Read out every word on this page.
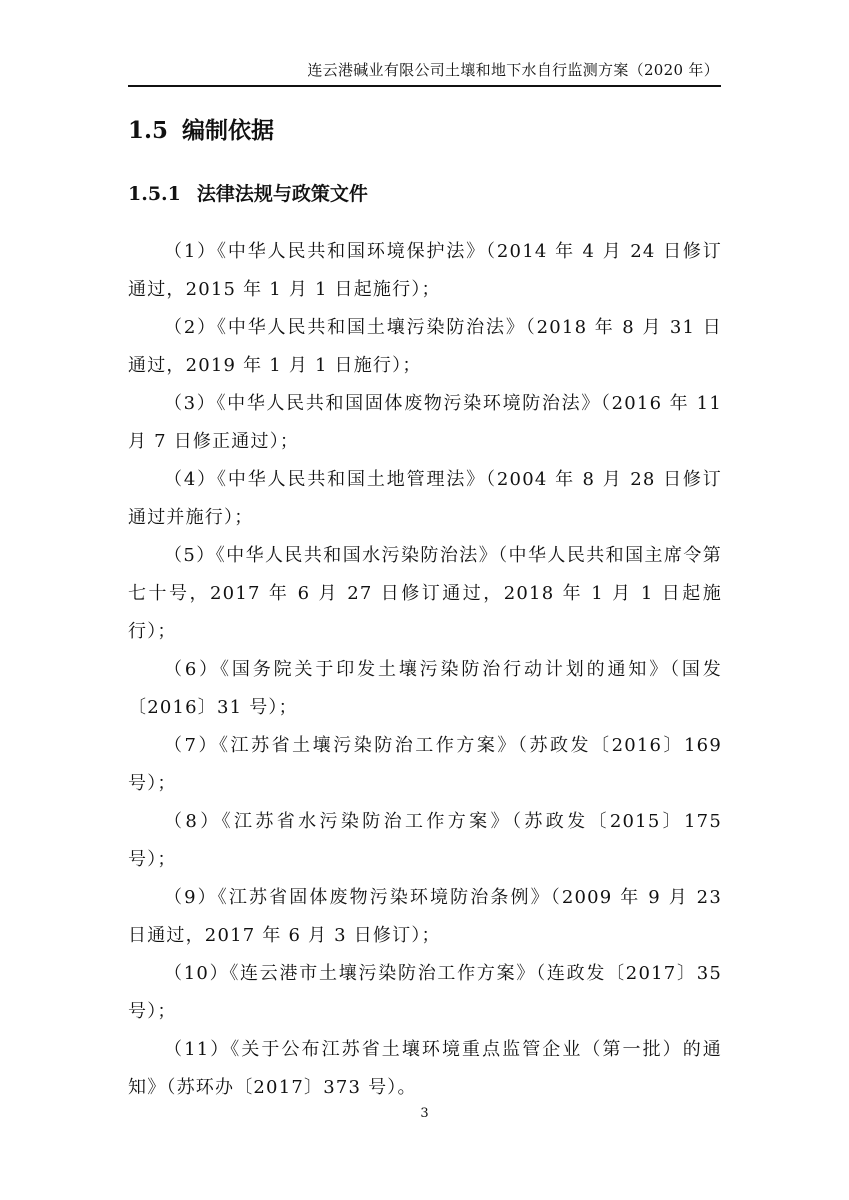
连云港碱业有限公司土壤和地下水自行监测方案（2020 年）
1.5 编制依据
1.5.1 法律法规与政策文件
（1）《中华人民共和国环境保护法》（2014 年 4 月 24 日修订通过，2015 年 1 月 1 日起施行）；
（2）《中华人民共和国土壤污染防治法》（2018 年 8 月 31 日通过，2019 年 1 月 1 日施行）；
（3）《中华人民共和国固体废物污染环境防治法》（2016 年 11 月 7 日修正通过）；
（4）《中华人民共和国土地管理法》（2004 年 8 月 28 日修订通过并施行）；
（5）《中华人民共和国水污染防治法》（中华人民共和国主席令第七十号，2017 年 6 月 27 日修订通过，2018 年 1 月 1 日起施行）；
（6）《国务院关于印发土壤污染防治行动计划的通知》（国发〔2016〕31 号）；
（7）《江苏省土壤污染防治工作方案》（苏政发〔2016〕169 号）；
（8）《江苏省水污染防治工作方案》（苏政发〔2015〕175 号）；
（9）《江苏省固体废物污染环境防治条例》（2009 年 9 月 23 日通过，2017 年 6 月 3 日修订）；
（10）《连云港市土壤污染防治工作方案》（连政发〔2017〕35 号）；
（11）《关于公布江苏省土壤环境重点监管企业（第一批）的通知》（苏环办〔2017〕373 号）。
3
